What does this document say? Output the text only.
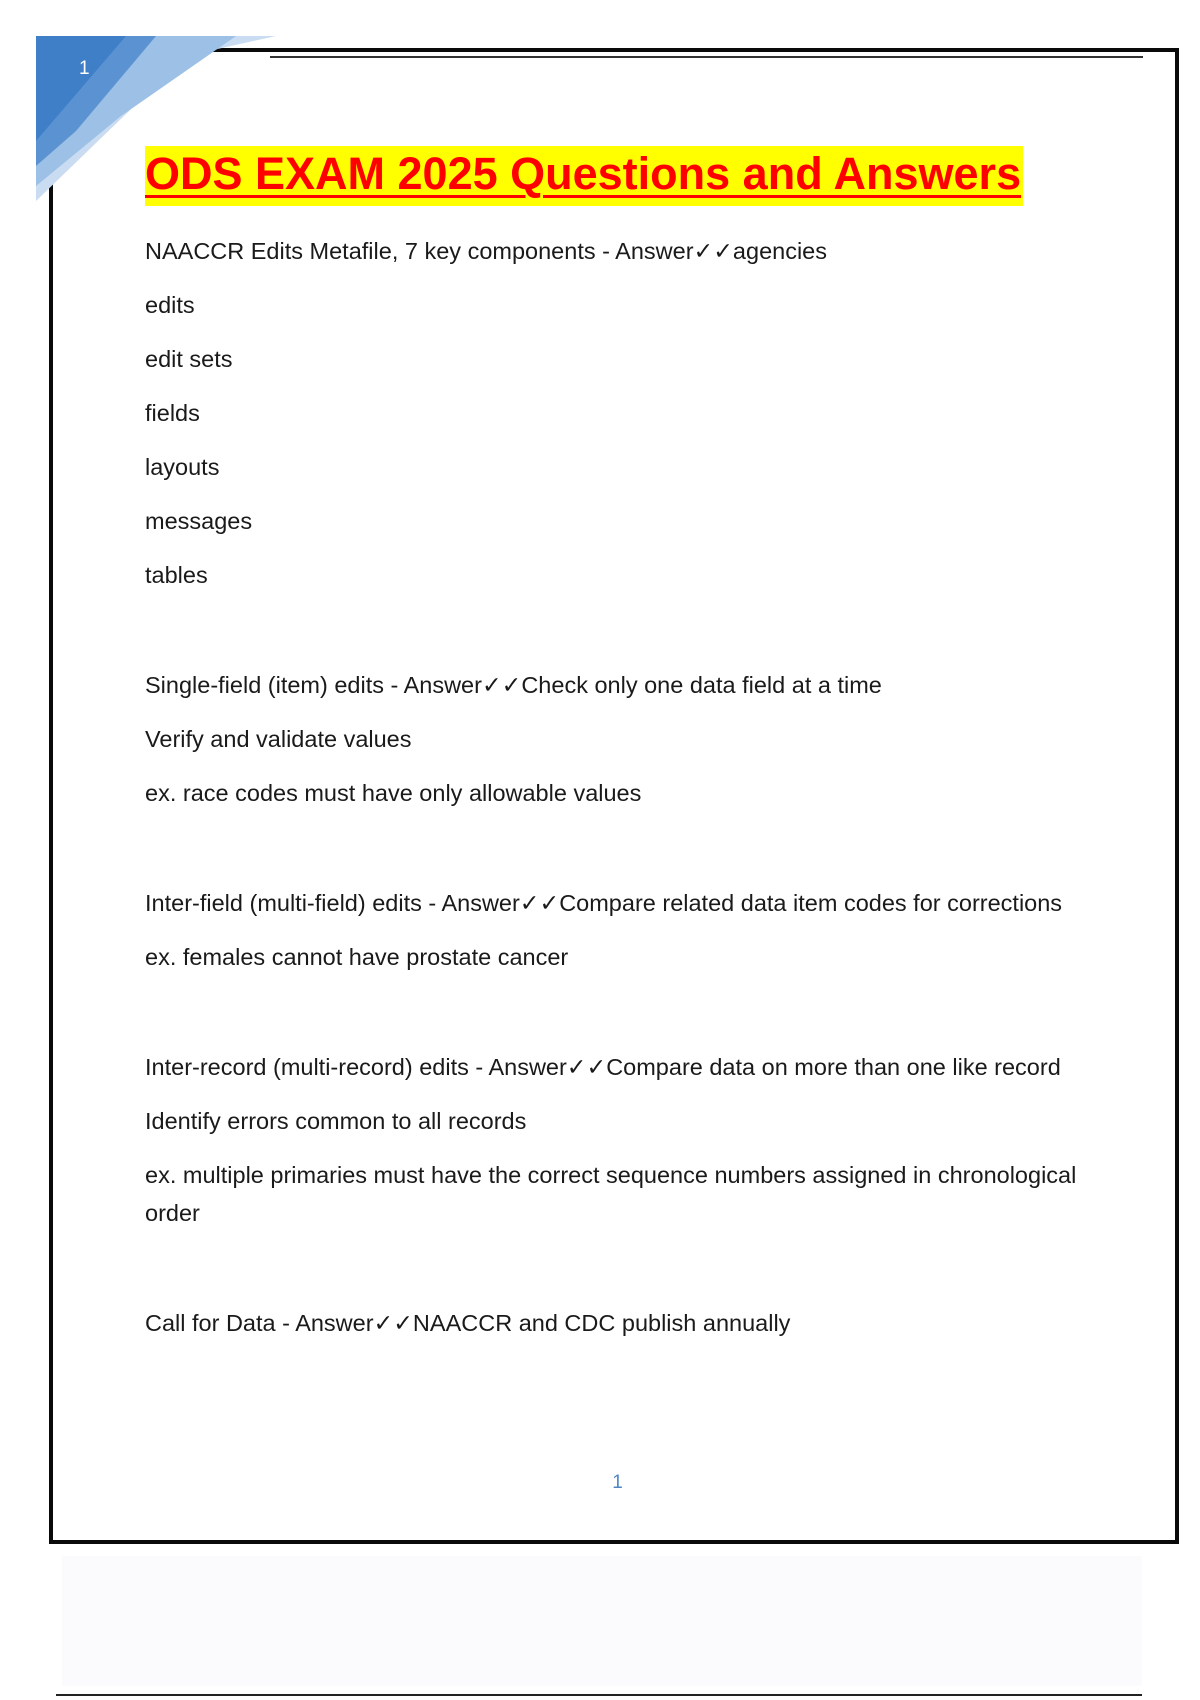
1
ODS EXAM 2025 Questions and Answers

NAACCR Edits Metafile, 7 key components - Answer✓✓agencies

edits

edit sets

fields

layouts

messages

tables

Single-field (item) edits - Answer✓✓Check only one data field at a time

Verify and validate values

ex. race codes must have only allowable values

Inter-field (multi-field) edits - Answer✓✓Compare related data item codes for corrections

ex. females cannot have prostate cancer

Inter-record (multi-record) edits - Answer✓✓Compare data on more than one like record

Identify errors common to all records

ex. multiple primaries must have the correct sequence numbers assigned in chronological order

Call for Data - Answer✓✓NAACCR and CDC publish annually

1
